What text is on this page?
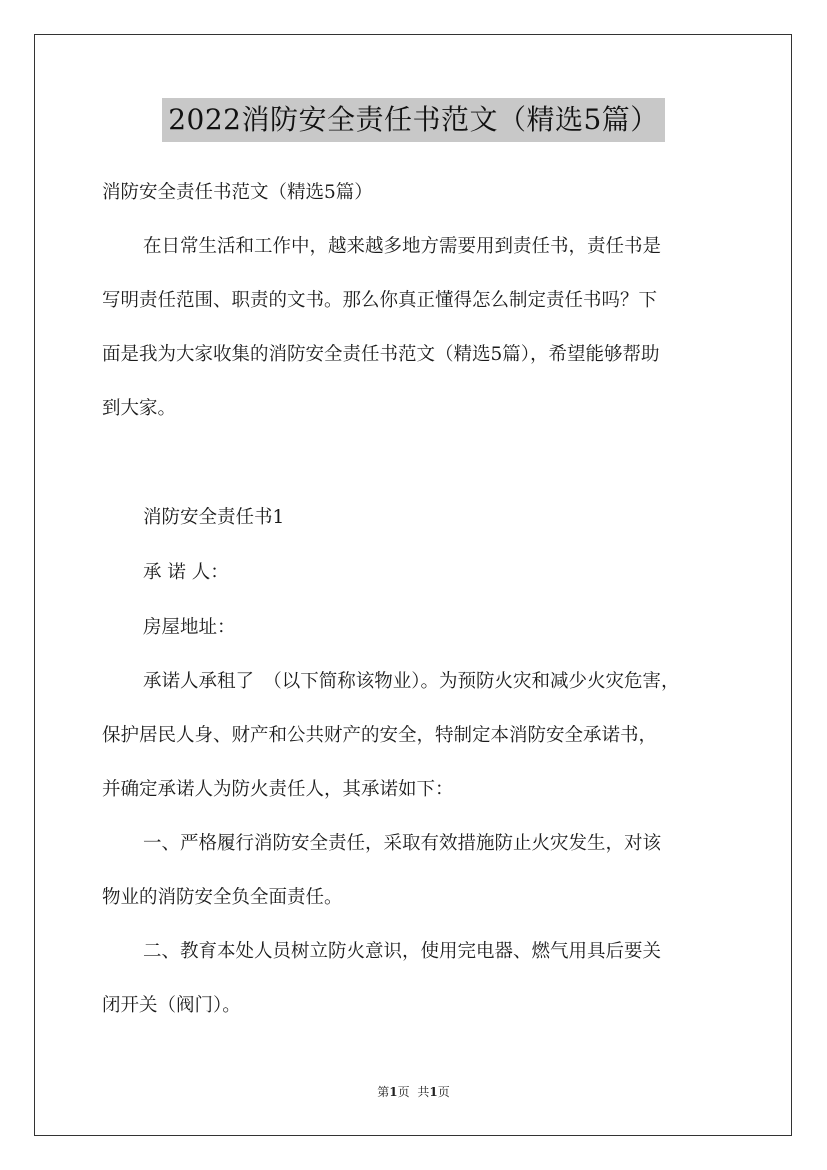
2022消防安全责任书范文（精选5篇）
消防安全责任书范文（精选5篇）
在日常生活和工作中，越来越多地方需要用到责任书，责任书是
写明责任范围、职责的文书。那么你真正懂得怎么制定责任书吗？下
面是我为大家收集的消防安全责任书范文（精选5篇），希望能够帮助
到大家。
消防安全责任书1
承 诺 人：
房屋地址：
承诺人承租了　（以下简称该物业）。为预防火灾和减少火灾危害，
保护居民人身、财产和公共财产的安全，特制定本消防安全承诺书，
并确定承诺人为防火责任人，其承诺如下：
一、严格履行消防安全责任，采取有效措施防止火灾发生，对该
物业的消防安全负全面责任。
二、教育本处人员树立防火意识，使用完电器、燃气用具后要关
闭开关（阀门）。
第1页 共1页
